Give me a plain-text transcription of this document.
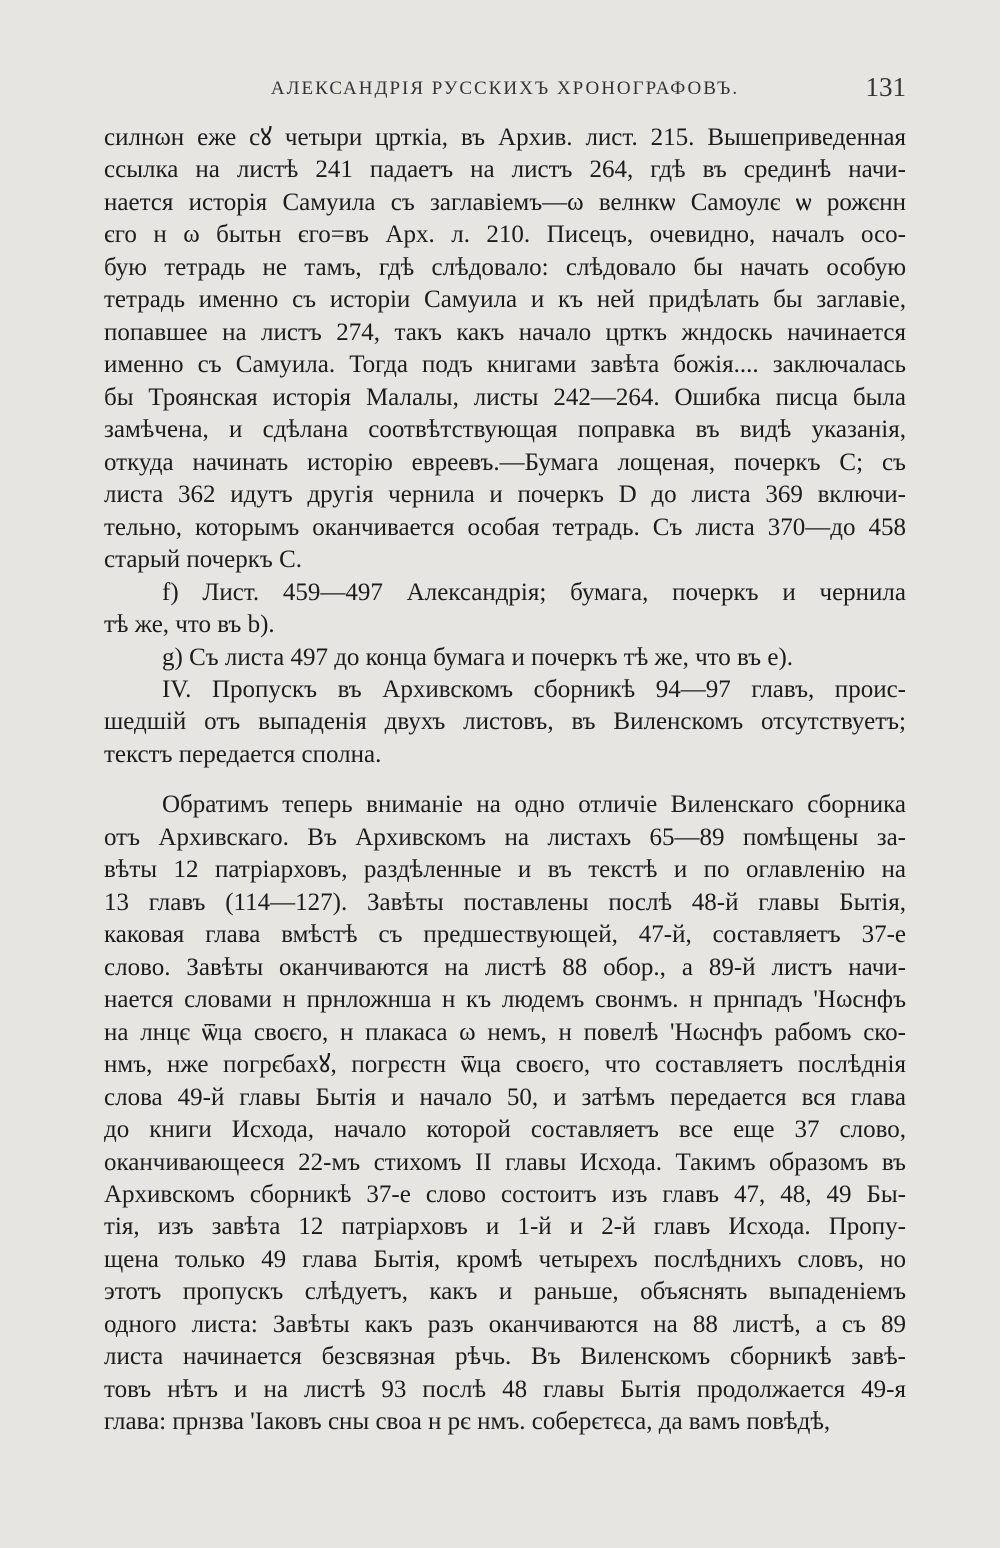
АЛЕКСАНДРІЯ РУССКИХЪ ХРОНОГРАФОВЪ.	131
силнωн еже сꙋ четыри црткіа, въ Архив. лист. 215. Вышеприведенная
ссылка на листѣ 241 падаетъ на листъ 264, гдѣ въ срединѣ начи-
нается исторія Самуила съ заглавіемъ—ω велнкѡ Самоулє ѡ рожєнн
єго н ω бытьн єго=въ Арх. л. 210. Писецъ, очевидно, началъ осо-
бую тетрадь не тамъ, гдѣ слѣдовало: слѣдовало бы начать особую
тетрадь именно съ исторіи Самуила и къ ней придѣлать бы заглавіе,
попавшее на листъ 274, такъ какъ начало црткъ жндоскь начинается
именно съ Самуила. Тогда подъ книгами завѣта божія.... заключалась
бы Троянская исторія Малалы, листы 242—264. Ошибка писца была
замѣчена, и сдѣлана соотвѣтствующая поправка въ видѣ указанія,
откуда начинать исторію евреевъ.—Бумага лощеная, почеркъ C; съ
листа 362 идутъ другія чернила и почеркъ D до листа 369 включи-
тельно, которымъ оканчивается особая тетрадь. Съ листа 370—до 458
старый почеркъ C.
f) Лист. 459—497 Александрія; бумага, почеркъ и чернила
тѣ же, что въ b).
g) Съ листа 497 до конца бумага и почеркъ тѣ же, что въ e).
IV. Пропускъ въ Архивскомъ сборникѣ 94—97 главъ, проис-
шедшій отъ выпаденія двухъ листовъ, въ Виленскомъ отсутствуетъ;
текстъ передается сполна.
Обратимъ теперь вниманіе на одно отличіе Виленскаго сборника
отъ Архивскаго. Въ Архивскомъ на листахъ 65—89 помѣщены за-
вѣты 12 патріарховъ, раздѣленные и въ текстѣ и по оглавленію на
13 главъ (114—127). Завѣты поставлены послѣ 48-й главы Бытія,
каковая глава вмѣстѣ съ предшествующей, 47-й, составляетъ 37-е
слово. Завѣты оканчиваются на листѣ 88 обор., а 89-й листъ начи-
нается словами н прнложнша н къ людемъ свонмъ. н прнпадъ 'Нωснфъ
на лнцє ѿца своєго, н плакаса ω немъ, н повелѣ 'Нωснфъ рабомъ ско-
нмъ, нже погрєбахꙋ, погрєстн ѿца своєго, что составляетъ послѣднія
слова 49-й главы Бытія и начало 50, и затѣмъ передается вся глава
до книги Исхода, начало которой составляетъ все еще 37 слово,
оканчивающееся 22-мъ стихомъ II главы Исхода. Такимъ образомъ въ
Архивскомъ сборникѣ 37-е слово состоитъ изъ главъ 47, 48, 49 Бы-
тія, изъ завѣта 12 патріарховъ и 1-й и 2-й главъ Исхода. Пропу-
щена только 49 глава Бытія, кромѣ четырехъ послѣднихъ словъ, но
этотъ пропускъ слѣдуетъ, какъ и раньше, объяснять выпаденіемъ
одного листа: Завѣты какъ разъ оканчиваются на 88 листѣ, а съ 89
листа начинается безсвязная рѣчь. Въ Виленскомъ сборникѣ завѣ-
товъ нѣтъ и на листѣ 93 послѣ 48 главы Бытія продолжается 49-я
глава: прнзва 'Іаковъ сны своа н рє нмъ. соберєтєса, да вамъ повѣдѣ,
